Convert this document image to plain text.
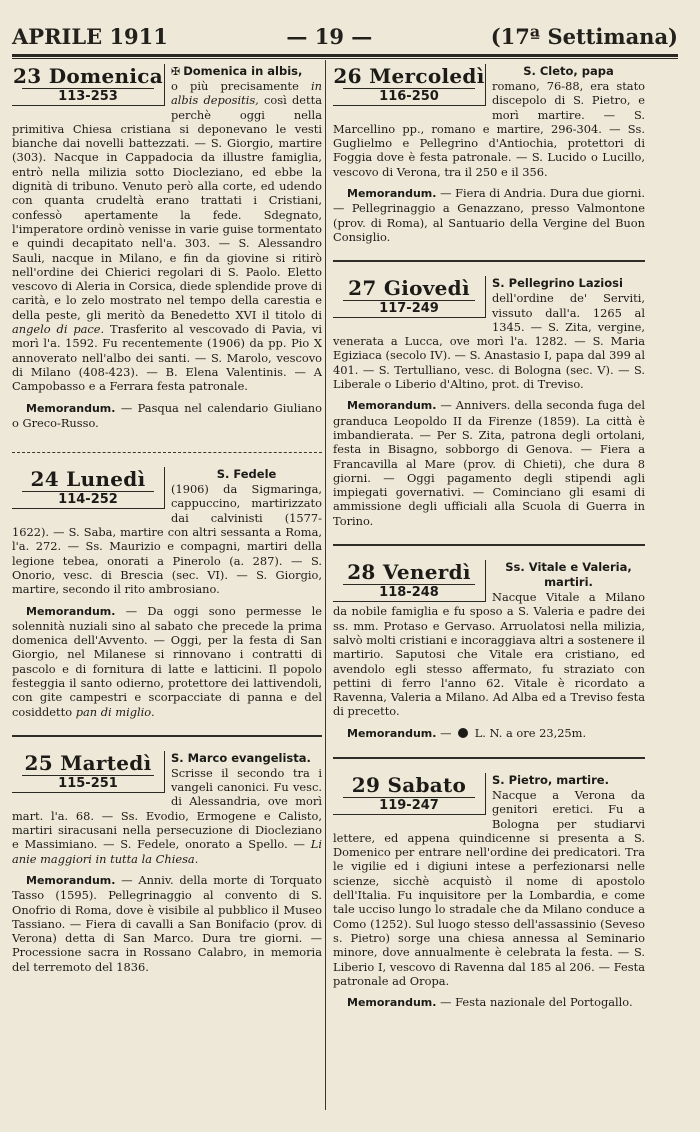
APRILE 1911	— 19 —	(17ª Settimana)
23 Domenica
113-253
✠ Domenica in albis,
o più precisamente in albis depositis, così detta perchè oggi nella primitiva Chiesa cristiana si deponevano le vesti bianche dai novelli battezzati. — S. Giorgio, martire (303). Nacque in Cappadocia da illustre famiglia, entrò nella milizia sotto Diocleziano, ed ebbe la dignità di tribuno. Venuto però alla corte, ed udendo con quanta crudeltà erano trattati i Cristiani, confessò apertamente la fede. Sdegnato, l'imperatore ordinò venisse in varie guise tormentato e quindi decapitato nell'a. 303. — S. Alessandro Sauli, nacque in Milano, e fin da giovine si ritirò nell'ordine dei Chierici regolari di S. Paolo. Eletto vescovo di Aleria in Corsica, diede splendide prove di carità, e lo zelo mostrato nel tempo della carestia e della peste, gli meritò da Benedetto XVI il titolo di angelo di pace. Trasferito al vescovado di Pavia, vi morì l'a. 1592. Fu recentemente (1906) da pp. Pio X annoverato nell'albo dei santi. — S. Marolo, vescovo di Milano (408-423). — B. Elena Valentinis. — A Campobasso e a Ferrara festa patronale.
Memorandum. — Pasqua nel calendario Giuliano o Greco-Russo.
24 Lunedì
114-252
S. Fedele
(1906) da Sigmaringa, cappuccino, martirizzato dai calvinisti (1577-1622). — S. Saba, martire con altri sessanta a Roma, l'a. 272. — Ss. Maurizio e compagni, martiri della legione tebea, onorati a Pinerolo (a. 287). — S. Onorio, vesc. di Brescia (sec. VI). — S. Giorgio, martire, secondo il rito ambrosiano.
Memorandum. — Da oggi sono permesse le solennità nuziali sino al sabato che precede la prima domenica dell'Avvento. — Oggi, per la festa di San Giorgio, nel Milanese si rinnovano i contratti di pascolo e di fornitura di latte e latticini. Il popolo festeggia il santo odierno, protettore dei lattivendoli, con gite campestri e scorpacciate di panna e del cosiddetto pan di miglio.
25 Martedì
115-251
S. Marco evangelista.
Scrisse il secondo tra i vangeli canonici. Fu vesc. di Alessandria, ove morì mart. l'a. 68. — Ss. Evodio, Ermogene e Calisto, martiri siracusani nella persecuzione di Diocleziano e Massimiano. — S. Fedele, onorato a Spello. — Li anie maggiori in tutta la Chiesa.
Memorandum. — Anniv. della morte di Torquato Tasso (1595). Pellegrinaggio al convento di S. Onofrio di Roma, dove è visibile al pubblico il Museo Tassiano. — Fiera di cavalli a San Bonifacio (prov. di Verona) detta di San Marco. Dura tre giorni. — Processione sacra in Rossano Calabro, in memoria del terremoto del 1836.
26 Mercoledì
116-250
S. Cleto, papa
romano, 76-88, era stato discepolo di S. Pietro, e morì martire. — S. Marcellino pp., romano e martire, 296-304. — Ss. Guglielmo e Pellegrino d'Antiochia, protettori di Foggia dove è festa patronale. — S. Lucido o Lucillo, vescovo di Verona, tra il 250 e il 356.
Memorandum. — Fiera di Andria. Dura due giorni. — Pellegrinaggio a Genazzano, presso Valmontone (prov. di Roma), al Santuario della Vergine del Buon Consiglio.
27 Giovedì
117-249
S. Pellegrino Laziosi
dell'ordine de' Serviti, vissuto dall'a. 1265 al 1345. — S. Zita, vergine, venerata a Lucca, ove morì l'a. 1282. — S. Maria Egiziaca (secolo IV). — S. Anastasio I, papa dal 399 al 401. — S. Tertulliano, vesc. di Bologna (sec. V). — S. Liberale o Liberio d'Altino, prot. di Treviso.
Memorandum. — Annivers. della seconda fuga del granduca Leopoldo II da Firenze (1859). La città è imbandierata. — Per S. Zita, patrona degli ortolani, festa in Bisagno, sobborgo di Genova. — Fiera a Francavilla al Mare (prov. di Chieti), che dura 8 giorni. — Oggi pagamento degli stipendi agli impiegati governativi. — Cominciano gli esami di ammissione degli ufficiali alla Scuola di Guerra in Torino.
28 Venerdì
118-248
Ss. Vitale e Valeria, martiri.
Nacque Vitale a Milano da nobile famiglia e fu sposo a S. Valeria e padre dei ss. mm. Protaso e Gervaso. Arruolatosi nella milizia, salvò molti cristiani e incoraggiava altri a sostenere il martirio. Saputosi che Vitale era cristiano, ed avendolo egli stesso affermato, fu straziato con pettini di ferro l'anno 62. Vitale è ricordato a Ravenna, Valeria a Milano. Ad Alba ed a Treviso festa di precetto.
Memorandum. —  L. N. a ore 23,25m.
29 Sabato
119-247
S. Pietro, martire.
Nacque a Verona da genitori eretici. Fu a Bologna per studiarvi lettere, ed appena quindicenne si presenta a S. Domenico per entrare nell'ordine dei predicatori. Tra le vigilie ed i digiuni intese a perfezionarsi nelle scienze, sicchè acquistò il nome di apostolo dell'Italia. Fu inquisitore per la Lombardia, e come tale ucciso lungo lo stradale che da Milano conduce a Como (1252). Sul luogo stesso dell'assassinio (Seveso s. Pietro) sorge una chiesa annessa al Seminario minore, dove annualmente è celebrata la festa. — S. Liberio I, vescovo di Ravenna dal 185 al 206. — Festa patronale ad Oropa.
Memorandum. — Festa nazionale del Portogallo.
